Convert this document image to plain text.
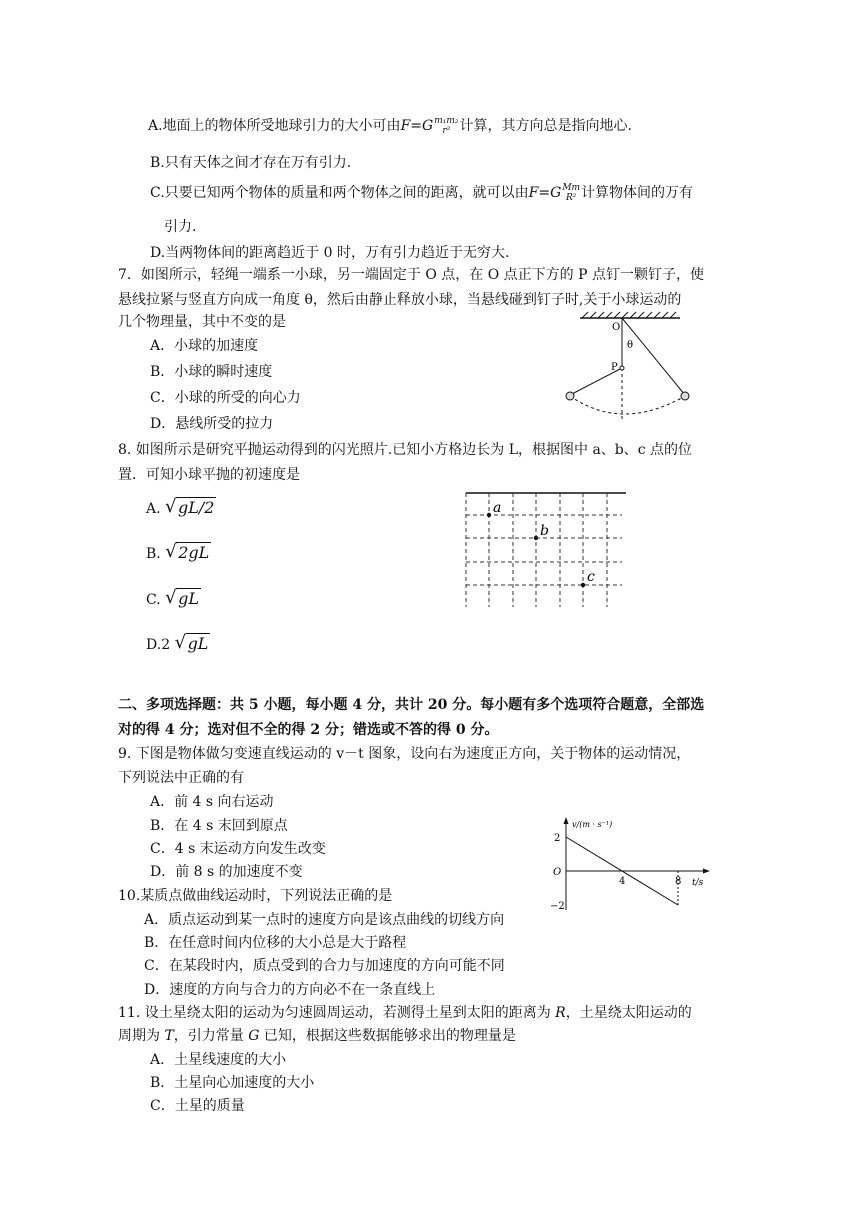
A.地面上的物体所受地球引力的大小可由F=G m₁m₂
r² 计算，其方向总是指向地心.
B.只有天体之间才存在万有引力.
C.只要已知两个物体的质量和两个物体之间的距离，就可以由F=G Mm
R² 计算物体间的万有
引力.
D.当两物体间的距离趋近于 0 时，万有引力趋近于无穷大.
7．如图所示，轻绳一端系一小球，另一端固定于 O 点，在 O 点正下方的 P 点钉一颗钉子，使
悬线拉紧与竖直方向成一角度 θ，然后由静止释放小球，当悬线碰到钉子时,关于小球运动的
几个物理量，其中不变的是
A．小球的加速度
B．小球的瞬时速度
C．小球的所受的向心力
D．悬线所受的拉力
O
P
θ
8. 如图所示是研究平抛运动得到的闪光照片.已知小方格边长为 L，根据图中 a、b、c 点的位
置．可知小球平抛的初速度是
A. √ gL/2
B. √ 2gL
C. √ gL
D.2 √ gL
a
b
c
二、多项选择题：共 5 小题，每小题 4 分，共计 20 分。每小题有多个选项符合题意，全部选
对的得 4 分；选对但不全的得 2 分；错选或不答的得 0 分。
9. 下图是物体做匀变速直线运动的 v－t 图象，设向右为速度正方向，关于物体的运动情况，
下列说法中正确的有
A．前 4 s 向右运动
B．在 4 s 末回到原点
C．4 s 末运动方向发生改变
D．前 8 s 的加速度不变
v/(m · s⁻¹)
t/s
O
4	8
2
−2
10.某质点做曲线运动时，下列说法正确的是
A．质点运动到某一点时的速度方向是该点曲线的切线方向
B．在任意时间内位移的大小总是大于路程
C．在某段时内，质点受到的合力与加速度的方向可能不同
D．速度的方向与合力的方向必不在一条直线上
11. 设土星绕太阳的运动为匀速圆周运动，若测得土星到太阳的距离为 R，土星绕太阳运动的
周期为 T，引力常量 G 已知，根据这些数据能够求出的物理量是
A．土星线速度的大小
B．土星向心加速度的大小
C．土星的质量
